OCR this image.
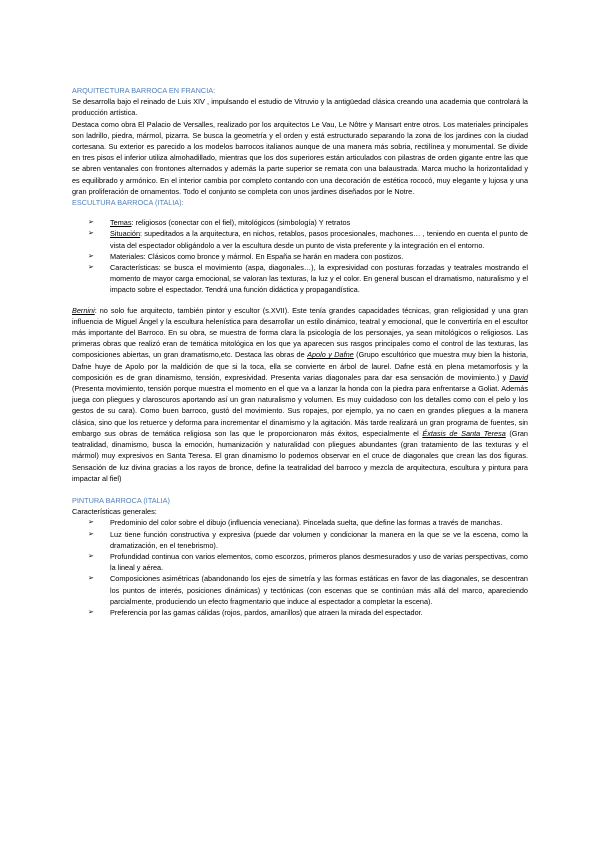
ARQUITECTURA BARROCA EN FRANCIA:

Se desarrolla bajo el reinado de Luis XIV , impulsando el estudio de Vitruvio y la antigüedad clásica creando una academia que controlará la producción artística.

Destaca como obra El Palacio de Versalles, realizado por los arquitectos Le Vau, Le Nôtre y Mansart entre otros. Los materiales principales son ladrillo, piedra, mármol, pizarra. Se busca la geometría y el orden y está estructurado separando la zona de los jardines con la ciudad cortesana. Su exterior es parecido a los modelos barrocos italianos aunque de una manera más sobria, rectilínea y monumental. Se divide en tres pisos el inferior utiliza almohadillado, mientras que los dos superiores están articulados con pilastras de orden gigante entre las que se abren ventanales con frontones alternados y además la parte superior se remata con una balaustrada. Marca mucho la horizontalidad y es equilibrado y armónico. En el interior cambia por completo contando con una decoración de estética rococó, muy elegante y lujosa y una gran proliferación de ornamentos. Todo el conjunto se completa con unos jardines diseñados por le Notre.

ESCULTURA BARROCA (ITALIA):

➢ Temas: religiosos (conectar con el fiel), mitológicos (simbología) Y retratos
➢ Situación: supeditados a la arquitectura, en nichos, retablos, pasos procesionales, machones… , teniendo en cuenta el punto de vista del espectador obligándolo a ver la escultura desde un punto de vista preferente y la integración en el entorno.
➢ Materiales: Clásicos como bronce y mármol. En España se harán en madera con postizos.
➢ Características: se busca el movimiento (aspa, diagonales…), la expresividad con posturas forzadas y teatrales mostrando el momento de mayor carga emocional, se valoran las texturas, la luz y el color. En general buscan el dramatismo, naturalismo y el impacto sobre el espectador. Tendrá una función didáctica y propagandística.

Bernini: no solo fue arquitecto, también pintor y escultor (s.XVII). Este tenía grandes capacidades técnicas, gran religiosidad y una gran influencia de Miguel Ángel y la escultura helenística para desarrollar un estilo dinámico, teatral y emocional, que le convertiría en el escultor más importante del Barroco. En su obra, se muestra de forma clara la psicología de los personajes, ya sean mitológicos o religiosos. Las primeras obras que realizó eran de temática mitológica en los que ya aparecen sus rasgos principales como el control de las texturas, las composiciones abiertas, un gran dramatismo,etc. Destaca las obras de Apolo y Dafne (Grupo escultórico que muestra muy bien la historia, Dafne huye de Apolo por la maldición de que si la toca, ella se convierte en árbol de laurel. Dafne está en plena metamorfosis y la composición es de gran dinamismo, tensión, expresividad. Presenta varias diagonales para dar esa sensación de movimiento.) y David (Presenta movimiento, tensión porque muestra el momento en el que va a lanzar la honda con la piedra para enfrentarse a Goliat. Además juega con pliegues y claroscuros aportando así un gran naturalismo y volumen. Es muy cuidadoso con los detalles como con el pelo y los gestos de su cara). Como buen barroco, gustó del movimiento. Sus ropajes, por ejemplo, ya no caen en grandes pliegues a la manera clásica, sino que los retuerce y deforma para incrementar el dinamismo y la agitación. Más tarde realizará un gran programa de fuentes, sin embargo sus obras de temática religiosa son las que le proporcionaron más éxitos, especialmente el Éxtasis de Santa Teresa (Gran teatralidad, dinamismo, busca la emoción, humanización y naturalidad con pliegues abundantes (gran tratamiento de las texturas y el mármol) muy expresivos en Santa Teresa. El gran dinamismo lo podemos observar en el cruce de diagonales que crean las dos figuras. Sensación de luz divina gracias a los rayos de bronce, define la teatralidad del barroco y mezcla de arquitectura, escultura y pintura para impactar al fiel)

PINTURA BARROCA (ITALIA)

Características generales:

➢ Predominio del color sobre el dibujo (influencia veneciana). Pincelada suelta, que define las formas a través de manchas.
➢ Luz tiene función constructiva y expresiva (puede dar volumen y condicionar la manera en la que se ve la escena, como la dramatización, en el tenebrismo).
➢ Profundidad continua con varios elementos, como escorzos, primeros planos desmesurados y uso de varias perspectivas, como la lineal y aérea.
➢ Composiciones asimétricas (abandonando los ejes de simetría y las formas estáticas en favor de las diagonales, se descentran los puntos de interés, posiciones dinámicas) y tectónicas (con escenas que se continúan más allá del marco, apareciendo parcialmente, produciendo un efecto fragmentario que induce al espectador a completar la escena).
➢ Preferencia por las gamas cálidas (rojos, pardos, amarillos) que atraen la mirada del espectador.
